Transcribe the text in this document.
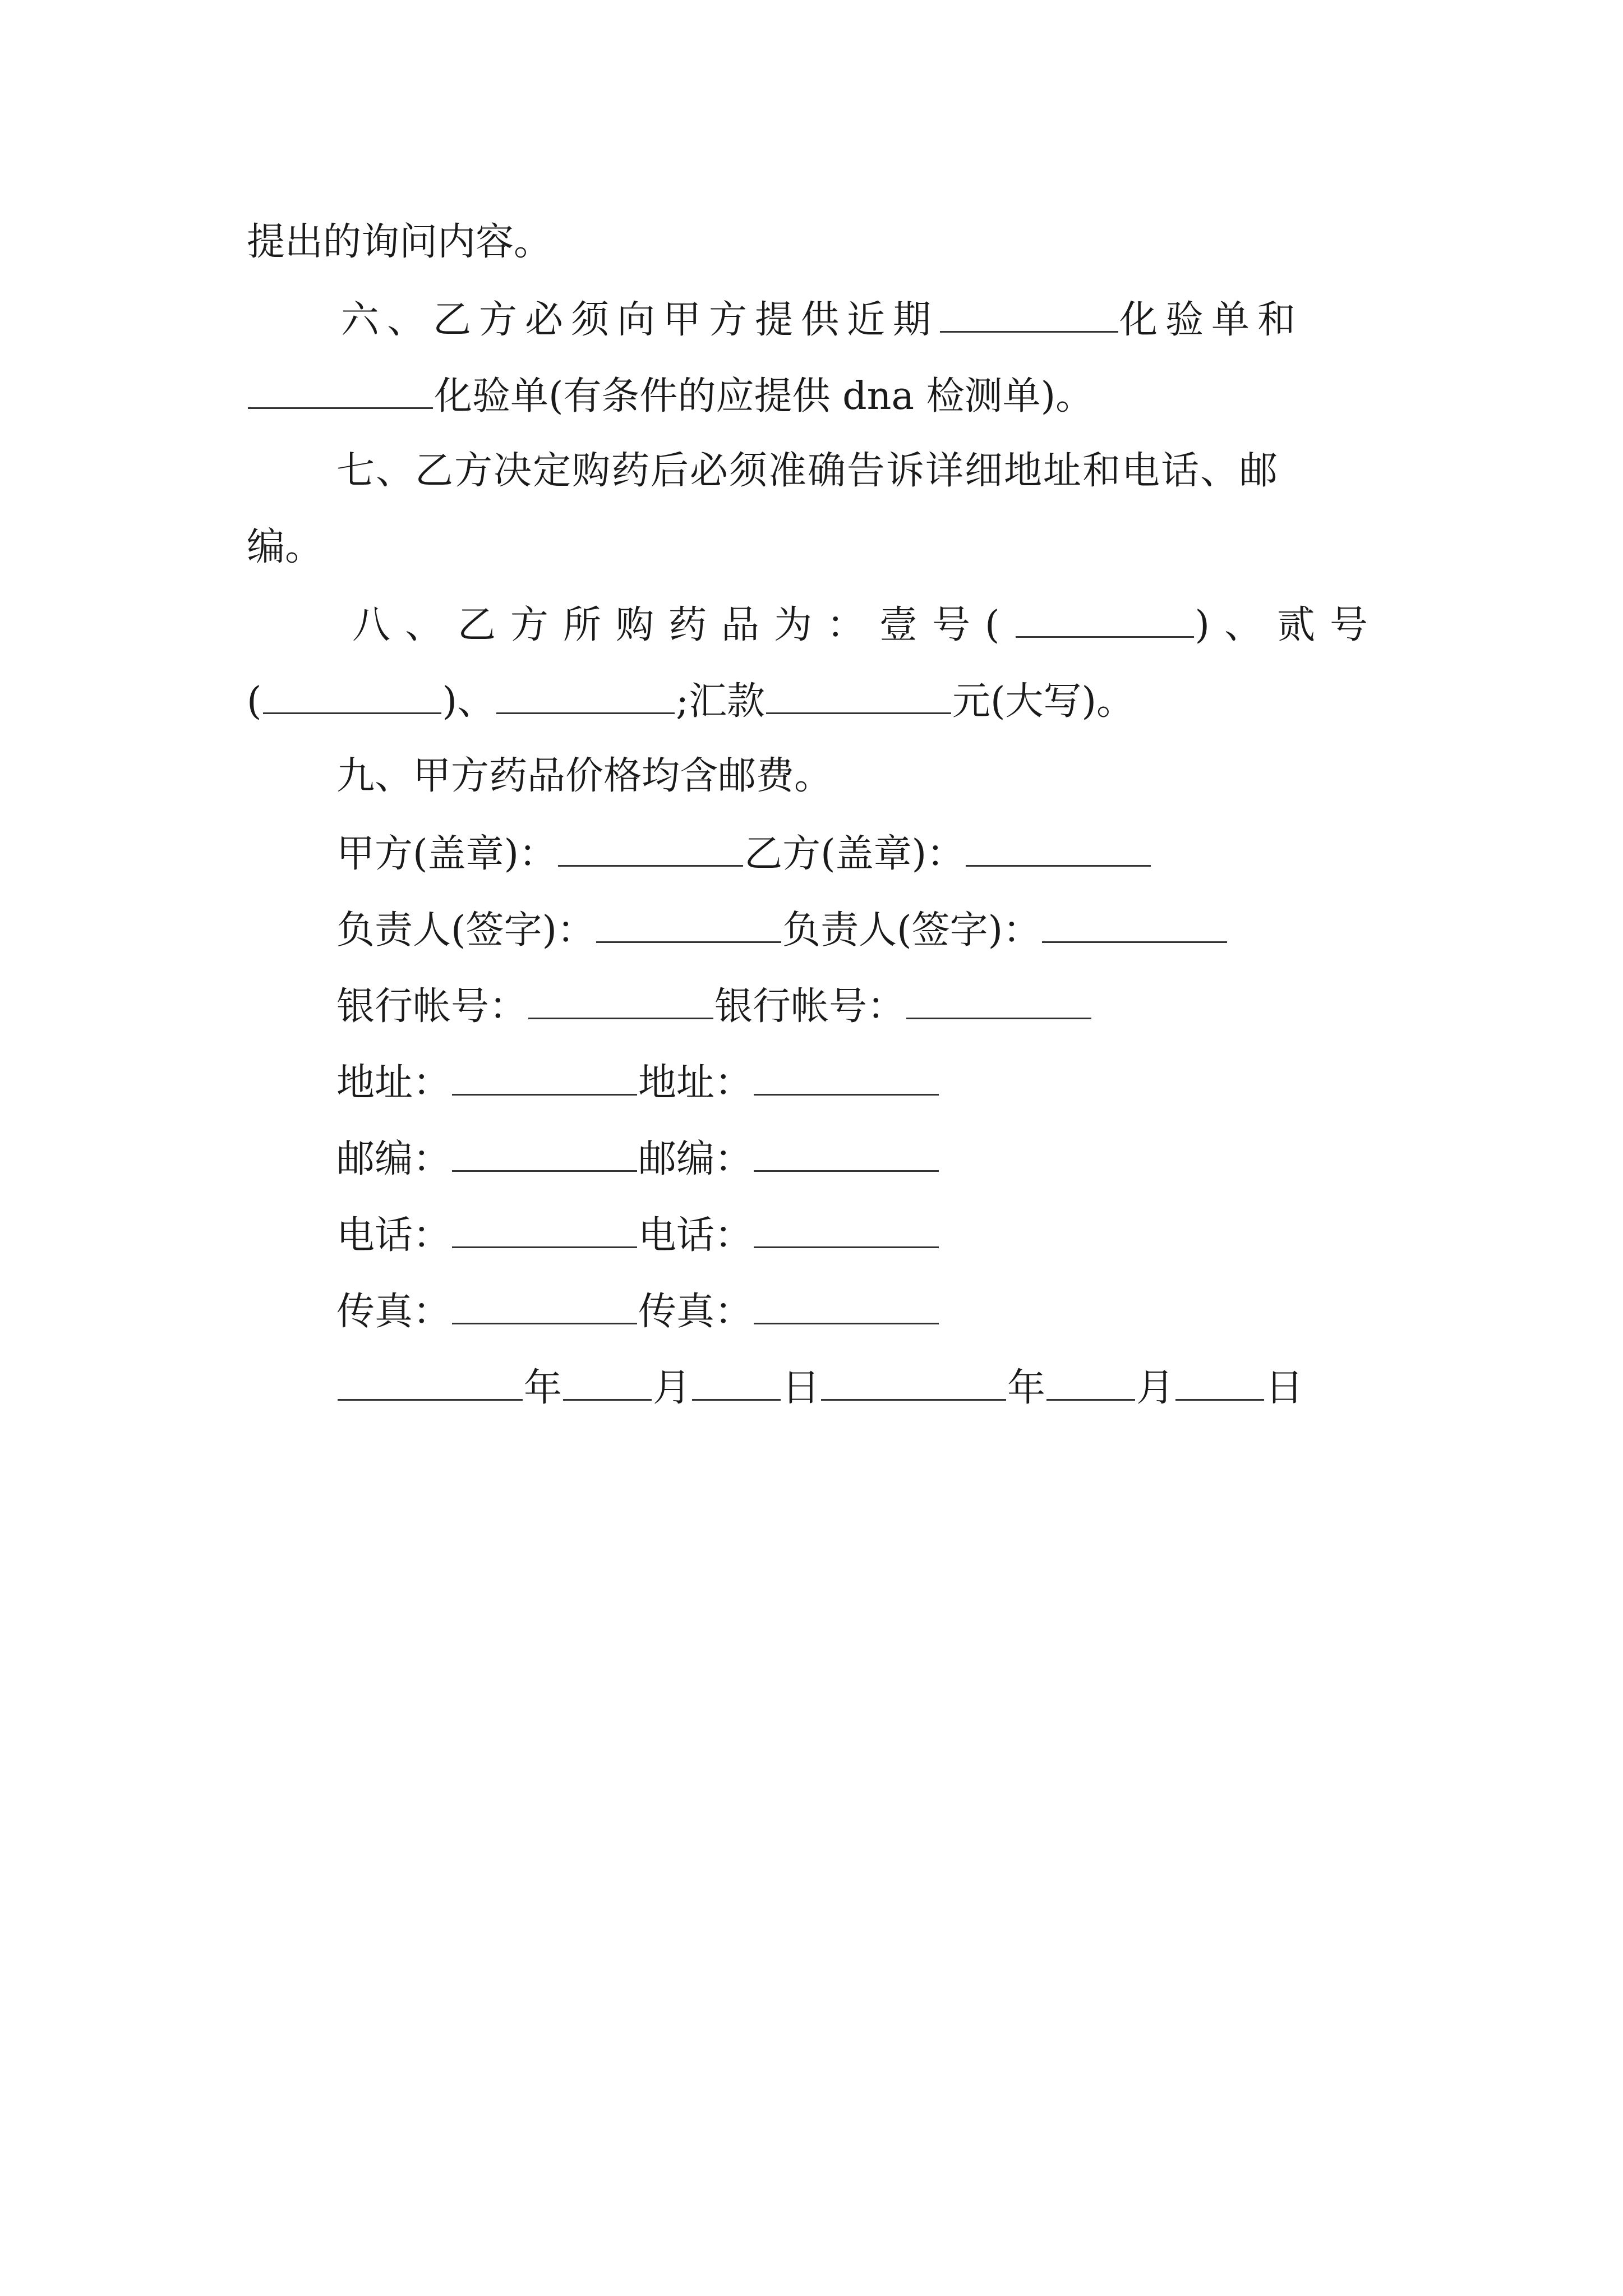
提出的询问内容。
六、乙方必须向甲方提供近期	化验单和
化验单(有条件的应提供 dna 检测单)。
七、乙方决定购药后必须准确告诉详细地址和电话、邮
编。
八、乙方所购药品为：壹号(	)、贰号
(	)、	;汇款	元(大写)。
九、甲方药品价格均含邮费。
甲方(盖章)：	乙方(盖章)：
负责人(签字)：	负责人(签字)：
银行帐号：	银行帐号：
地址：	地址：
邮编：	邮编：
电话：	电话：
传真：	传真：
年 月 日	年 月 日
